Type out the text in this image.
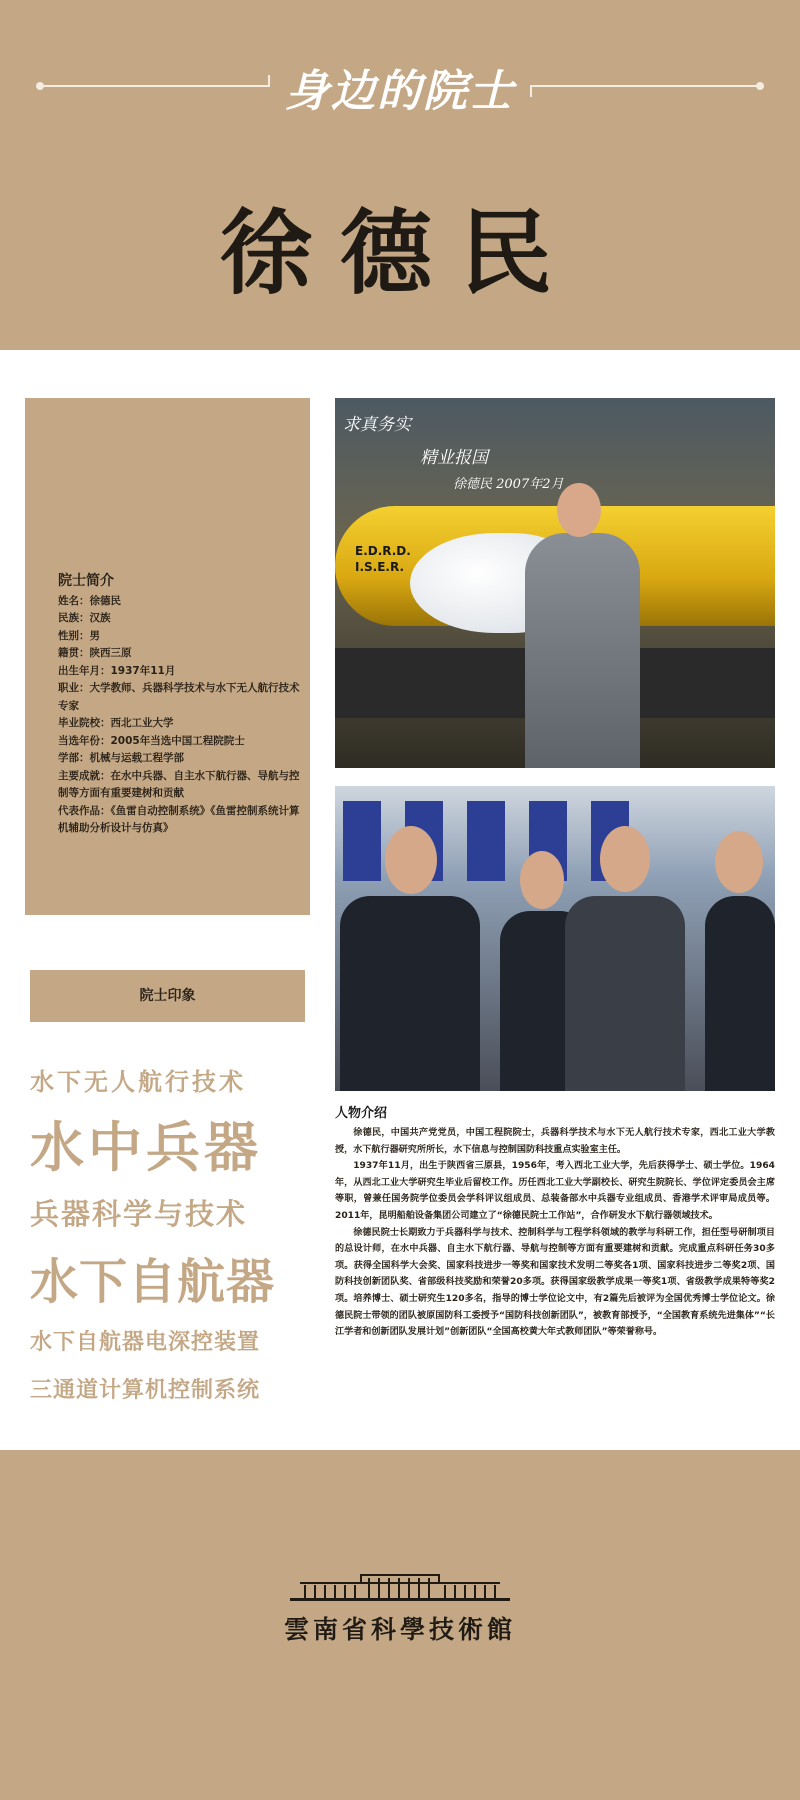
身边的院士
徐德民
院士简介
姓名：徐德民
民族：汉族
性别：男
籍贯：陕西三原
出生年月：1937年11月
职业：大学教师、兵器科学技术与水下无人航行技术专家
毕业院校：西北工业大学
当选年份：2005年当选中国工程院院士
学部：机械与运载工程学部
主要成就：在水中兵器、自主水下航行器、导航与控制等方面有重要建树和贡献
代表作品：《鱼雷自动控制系统》《鱼雷控制系统计算机辅助分析设计与仿真》
E.D.R.D.
I.S.E.R.
求真务实
精业报国
徐德民 2007年2月
院士印象
水下无人航行技术
水中兵器
兵器科学与技术
水下自航器
水下自航器电深控装置
三通道计算机控制系统
人物介绍

徐德民，中国共产党党员，中国工程院院士，兵器科学技术与水下无人航行技术专家，西北工业大学教授，水下航行器研究所所长，水下信息与控制国防科技重点实验室主任。

1937年11月，出生于陕西省三原县，1956年，考入西北工业大学，先后获得学士、硕士学位。1964年，从西北工业大学研究生毕业后留校工作。历任西北工业大学副校长、研究生院院长、学位评定委员会主席等职，曾兼任国务院学位委员会学科评议组成员、总装备部水中兵器专业组成员、香港学术评审局成员等。2011年，昆明船舶设备集团公司建立了“徐德民院士工作站”，合作研发水下航行器领域技术。

徐德民院士长期致力于兵器科学与技术、控制科学与工程学科领域的教学与科研工作，担任型号研制项目的总设计师，在水中兵器、自主水下航行器、导航与控制等方面有重要建树和贡献。完成重点科研任务30多项。获得全国科学大会奖、国家科技进步一等奖和国家技术发明二等奖各1项、国家科技进步二等奖2项、国防科技创新团队奖、省部级科技奖励和荣誉20多项。获得国家级教学成果一等奖1项、省级教学成果特等奖2项。培养博士、硕士研究生120多名，指导的博士学位论文中，有2篇先后被评为全国优秀博士学位论文。徐德民院士带领的团队被原国防科工委授予“国防科技创新团队”，被教育部授予，“全国教育系统先进集体”“长江学者和创新团队发展计划”创新团队“全国高校黄大年式教师团队”等荣誉称号。

雲南省科學技術館
